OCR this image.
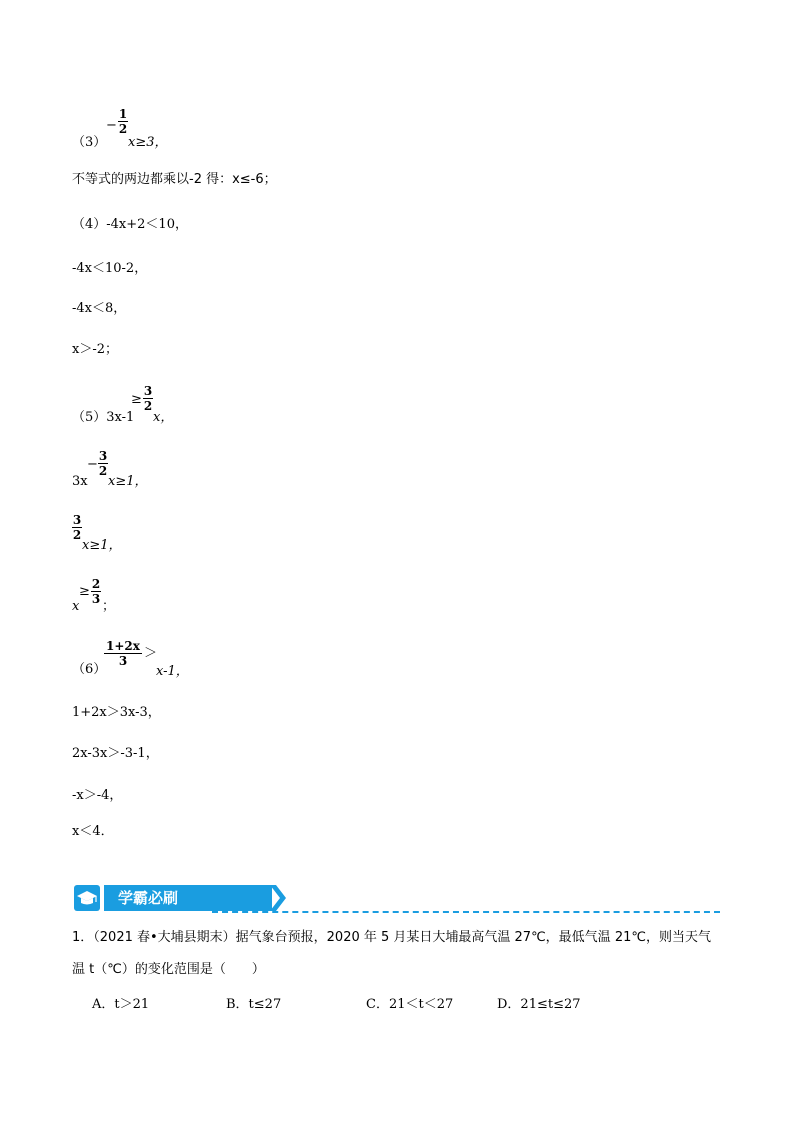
（3）
−
1
2
x≥3，
不等式的两边都乘以-2 得：x≤-6；
（4）-4x+2＜10，
-4x＜10-2，
-4x＜8，
x＞-2；
（5）3x-1
≥
3
2
x，
3x
−
3
2
x≥1，
3
2
x≥1，
x
≥ 2
3 ；
（6）
1+2x
3	＞
x-1，
1+2x＞3x-3，
2x-3x＞-3-1，
-x＞-4，
x＜4．
学霸必刷
1．（2021 春•大埔县期末）据气象台预报，2020 年 5 月某日大埔最高气温 27℃，最低气温 21℃，则当天气
温 t（℃）的变化范围是（　　）
A．t＞21	B．t≤27	C．21＜t＜27	D．21≤t≤27
